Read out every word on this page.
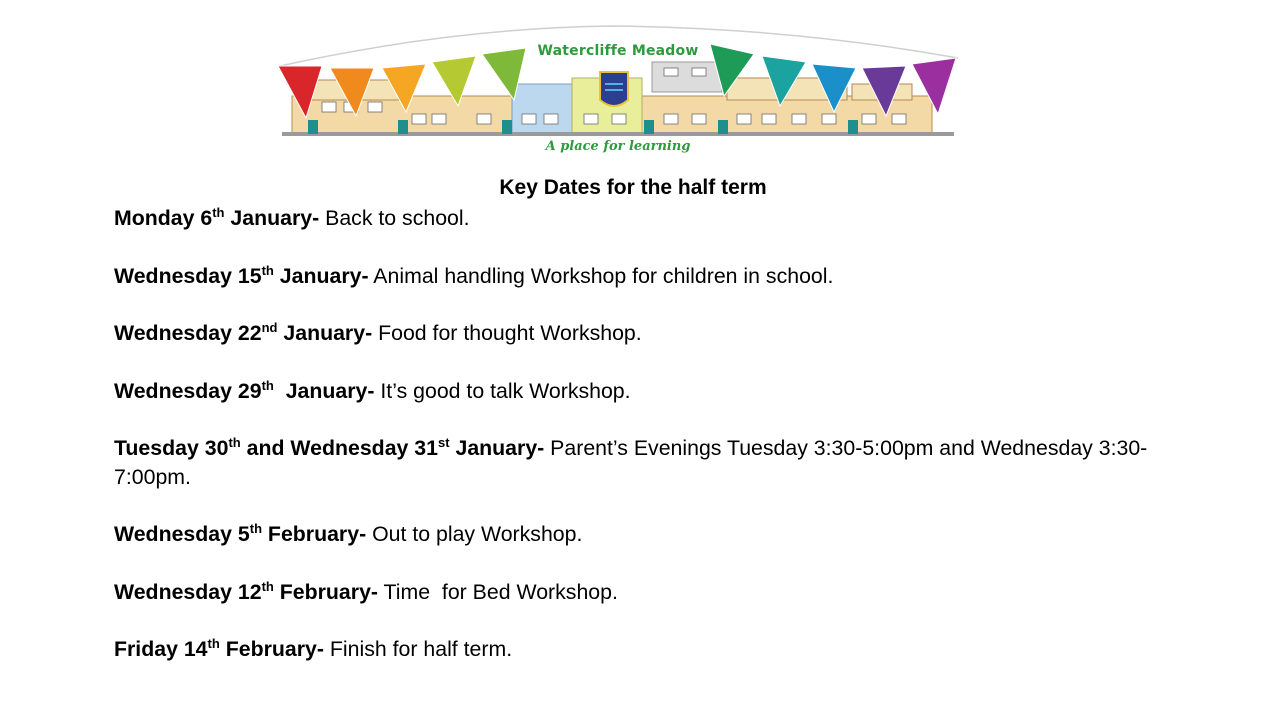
Watercliffe Meadow
A place for learning
Key Dates for the half term
Monday 6th January- Back to school.
Wednesday 15th January- Animal handling Workshop for children in school.
Wednesday 22nd January- Food for thought Workshop.
Wednesday 29th  January- It’s good to talk Workshop.
Tuesday 30th and Wednesday 31st January- Parent’s Evenings Tuesday 3:30-5:00pm and Wednesday 3:30-7:00pm.
Wednesday 5th February- Out to play Workshop.
Wednesday 12th February- Time  for Bed Workshop.
Friday 14th February- Finish for half term.
